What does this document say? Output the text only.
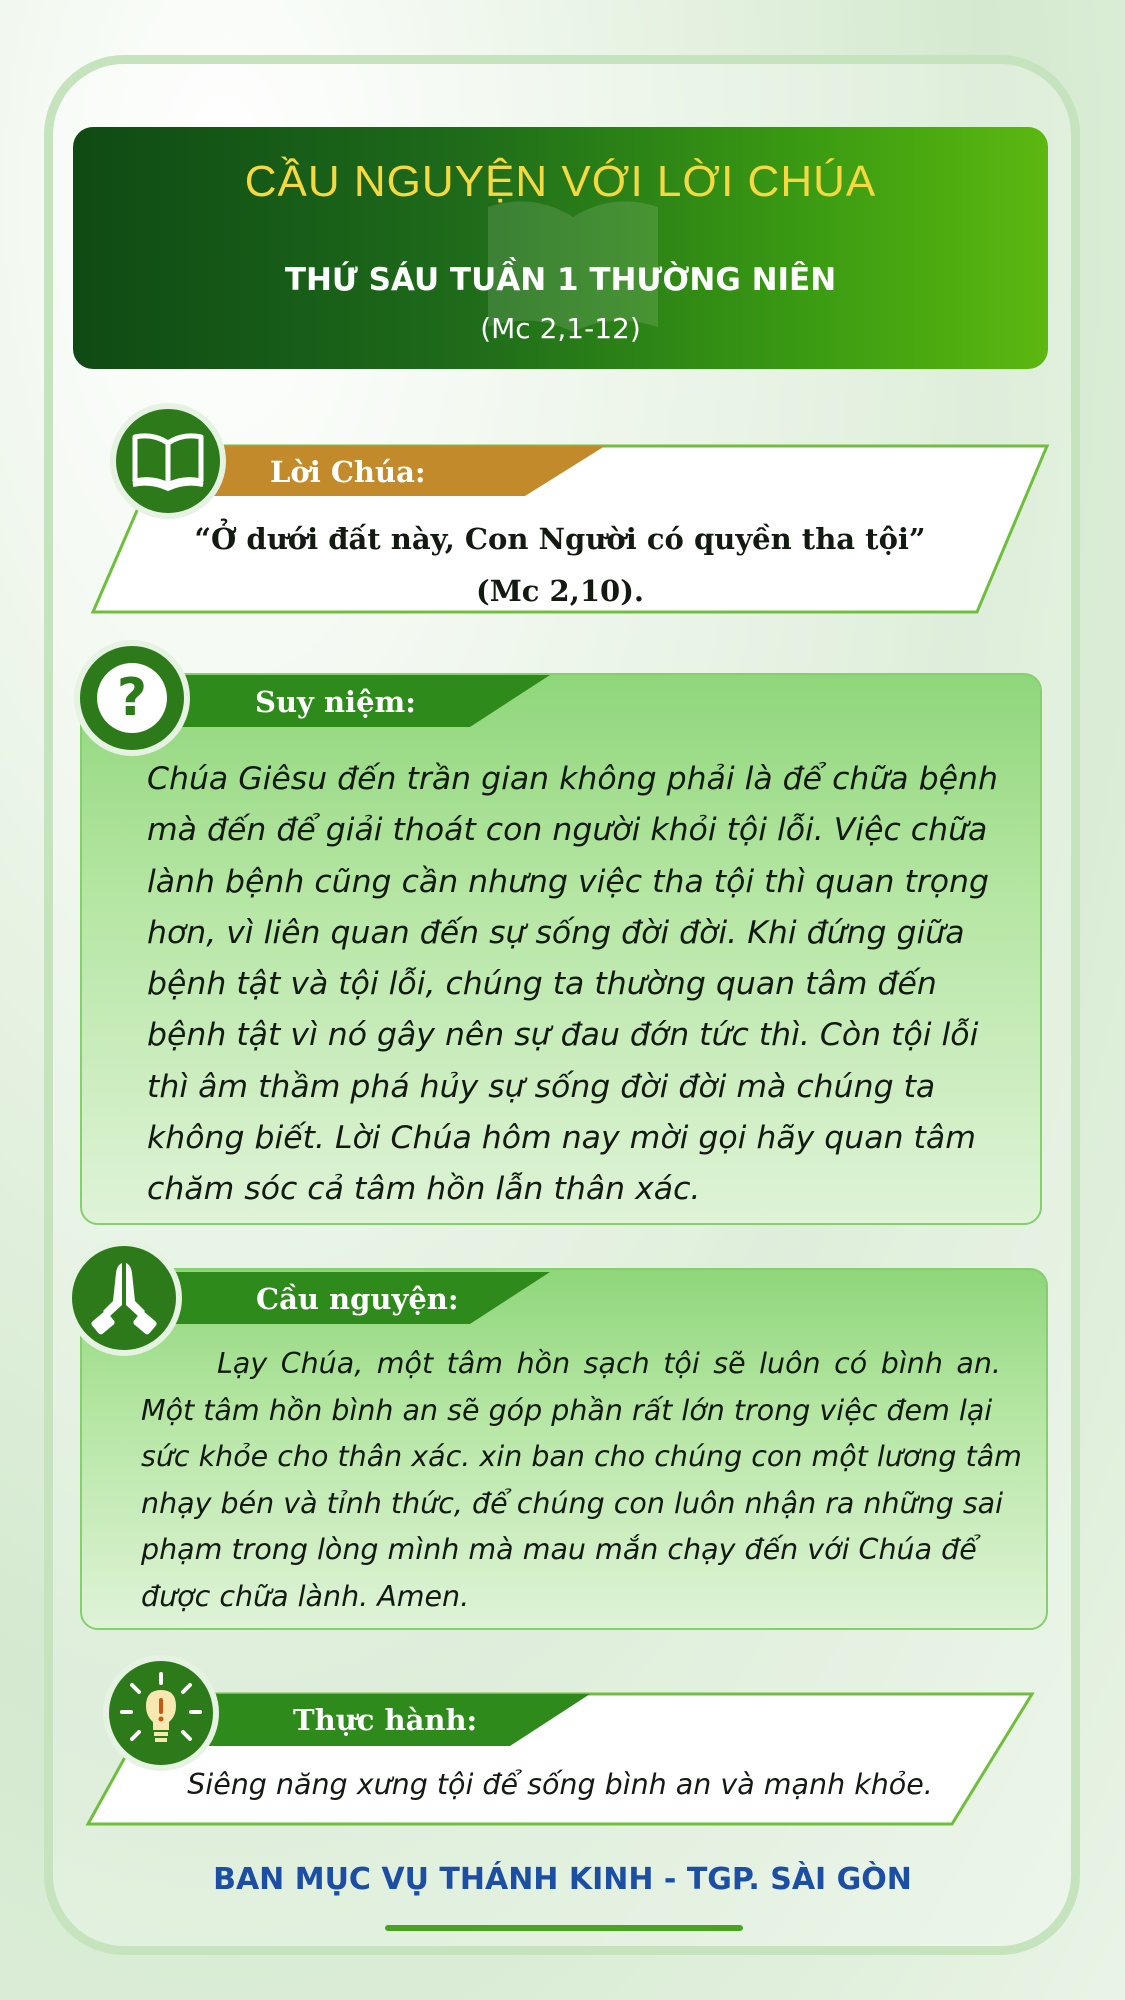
CẦU NGUYỆN VỚI LỜI CHÚA
THỨ SÁU TUẦN 1 THƯỜNG NIÊN
(Mc 2,1-12)
Lời Chúa:
“Ở dưới đất này, Con Người có quyền tha tội”
(Mc 2,10).
Suy niệm:
?
Chúa Giêsu đến trần gian không phải là để chữa bệnh
mà đến để giải thoát con người khỏi tội lỗi. Việc chữa
lành bệnh cũng cần nhưng việc tha tội thì quan trọng
hơn, vì liên quan đến sự sống đời đời. Khi đứng giữa
bệnh tật và tội lỗi, chúng ta thường quan tâm đến
bệnh tật vì nó gây nên sự đau đớn tức thì. Còn tội lỗi
thì âm thầm phá hủy sự sống đời đời mà chúng ta
không biết. Lời Chúa hôm nay mời gọi hãy quan tâm
chăm sóc cả tâm hồn lẫn thân xác.
Cầu nguyện:
Lạy Chúa, một tâm hồn sạch tội sẽ luôn có bình an.
Một tâm hồn bình an sẽ góp phần rất lớn trong việc đem lại
sức khỏe cho thân xác. xin ban cho chúng con một lương tâm
nhạy bén và tỉnh thức, để chúng con luôn nhận ra những sai
phạm trong lòng mình mà mau mắn chạy đến với Chúa để
được chữa lành. Amen.
Thực hành:
Siêng năng xưng tội để sống bình an và mạnh khỏe.
BAN MỤC VỤ THÁNH KINH - TGP. SÀI GÒN
